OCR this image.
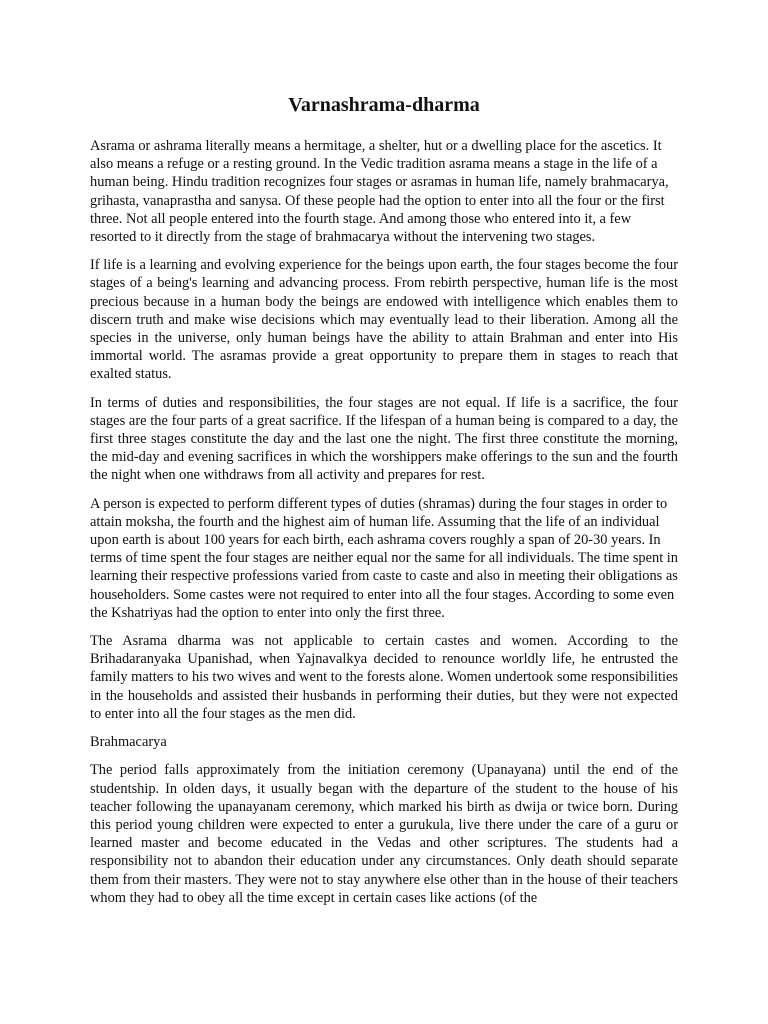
Varnashrama-dharma

Asrama or ashrama literally means a hermitage, a shelter, hut or a dwelling place for the ascetics. It also means a refuge or a resting ground. In the Vedic tradition asrama means a stage in the life of a human being. Hindu tradition recognizes four stages or asramas in human life, namely brahmacarya, grihasta, vanaprastha and sanysa. Of these people had the option to enter into all the four or the first three. Not all people entered into the fourth stage. And among those who entered into it, a few resorted to it directly from the stage of brahmacarya without the intervening two stages.

If life is a learning and evolving experience for the beings upon earth, the four stages become the four stages of a being's learning and advancing process. From rebirth perspective, human life is the most precious because in a human body the beings are endowed with intelligence which enables them to discern truth and make wise decisions which may eventually lead to their liberation. Among all the species in the universe, only human beings have the ability to attain Brahman and enter into His immortal world. The asramas provide a great opportunity to prepare them in stages to reach that exalted status.

In terms of duties and responsibilities, the four stages are not equal. If life is a sacrifice, the four stages are the four parts of a great sacrifice. If the lifespan of a human being is compared to a day, the first three stages constitute the day and the last one the night. The first three constitute the morning, the mid-day and evening sacrifices in which the worshippers make offerings to the sun and the fourth the night when one withdraws from all activity and prepares for rest.

A person is expected to perform different types of duties (shramas) during the four stages in order to attain moksha, the fourth and the highest aim of human life. Assuming that the life of an individual upon earth is about 100 years for each birth, each ashrama covers roughly a span of 20-30 years. In terms of time spent the four stages are neither equal nor the same for all individuals. The time spent in learning their respective professions varied from caste to caste and also in meeting their obligations as householders. Some castes were not required to enter into all the four stages. According to some even the Kshatriyas had the option to enter into only the first three.

The Asrama dharma was not applicable to certain castes and women. According to the Brihadaranyaka Upanishad, when Yajnavalkya decided to renounce worldly life, he entrusted the family matters to his two wives and went to the forests alone. Women undertook some responsibilities in the households and assisted their husbands in performing their duties, but they were not expected to enter into all the four stages as the men did.

Brahmacarya

The period falls approximately from the initiation ceremony (Upanayana) until the end of the studentship. In olden days, it usually began with the departure of the student to the house of his teacher following the upanayanam ceremony, which marked his birth as dwija or twice born. During this period young children were expected to enter a gurukula, live there under the care of a guru or learned master and become educated in the Vedas and other scriptures. The students had a responsibility not to abandon their education under any circumstances. Only death should separate them from their masters. They were not to stay anywhere else other than in the house of their teachers whom they had to obey all the time except in certain cases like actions (of the
